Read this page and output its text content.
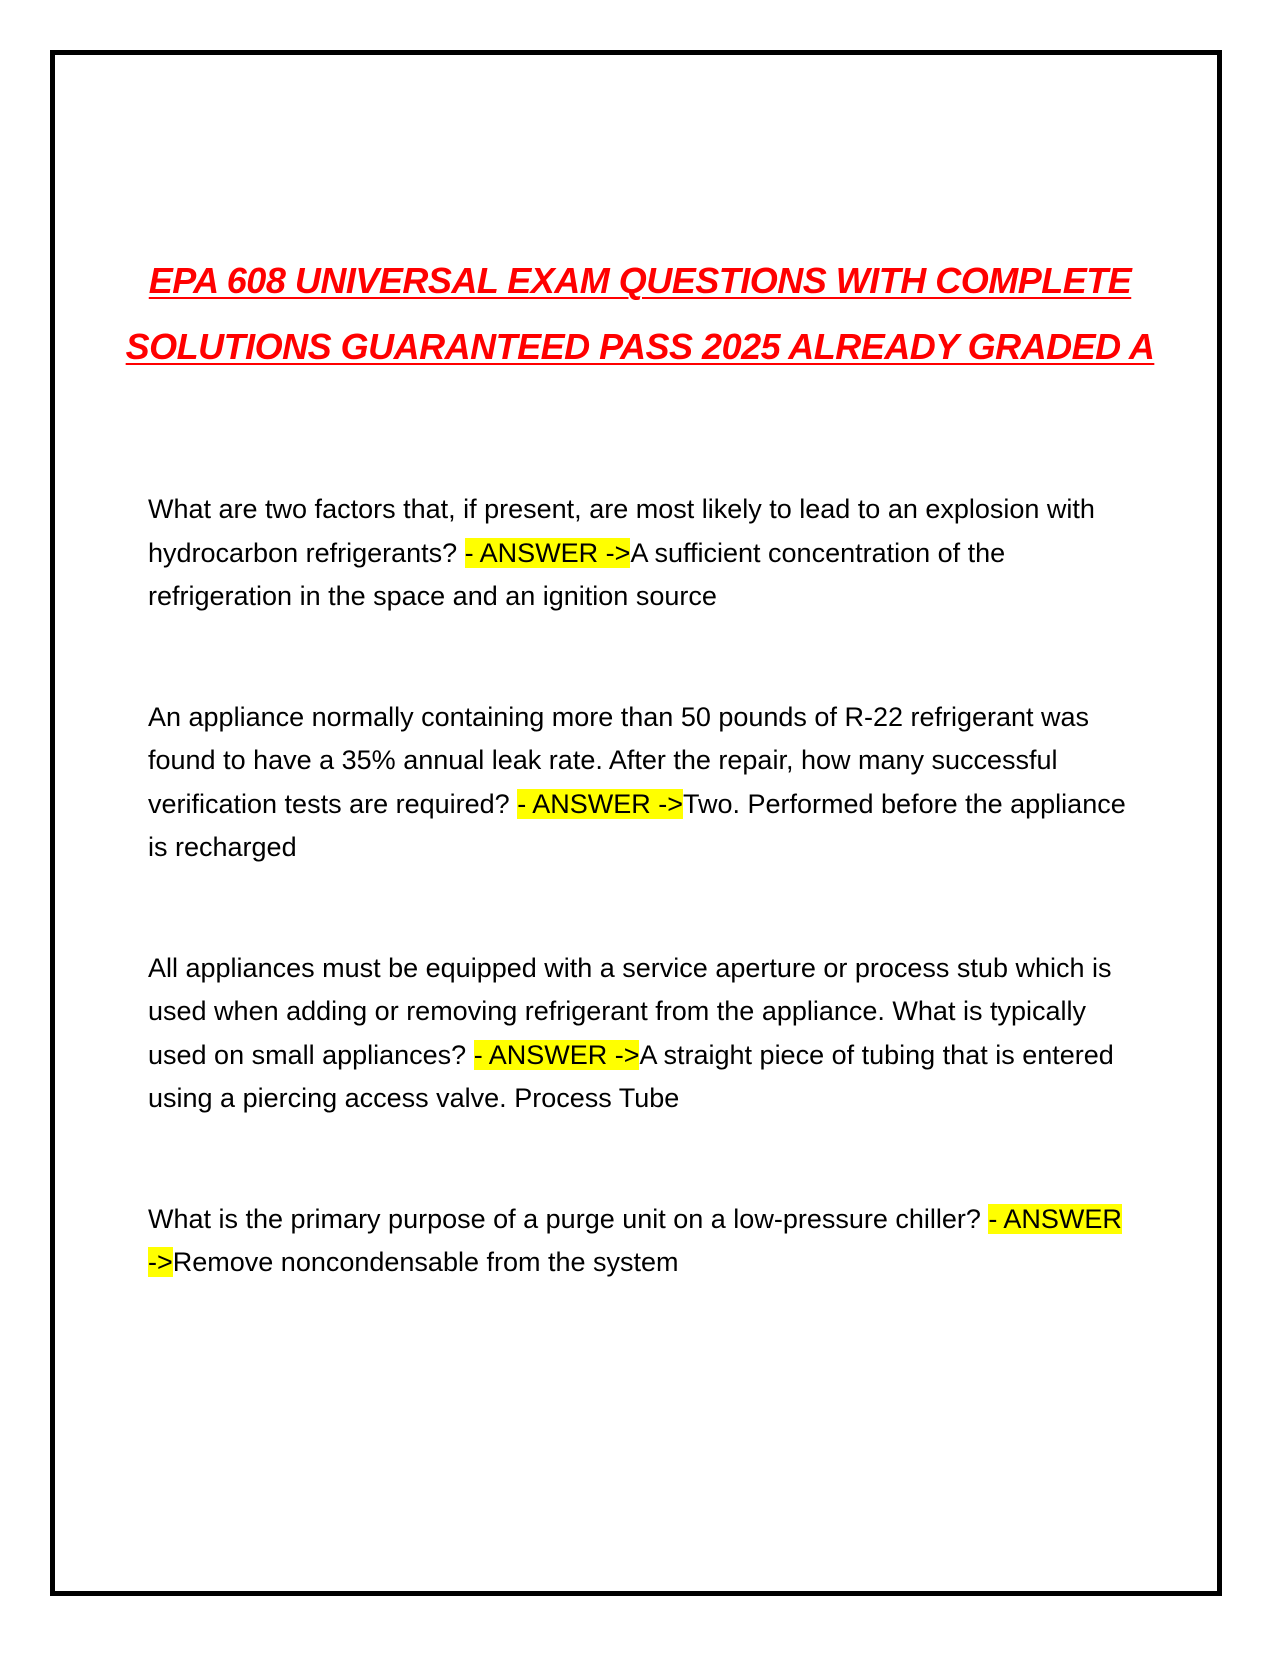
EPA 608 UNIVERSAL EXAM QUESTIONS WITH COMPLETE SOLUTIONS GUARANTEED PASS 2025 ALREADY GRADED A

What are two factors that, if present, are most likely to lead to an explosion with hydrocarbon refrigerants? - ANSWER ->A sufficient concentration of the refrigeration in the space and an ignition source

An appliance normally containing more than 50 pounds of R-22 refrigerant was found to have a 35% annual leak rate. After the repair, how many successful verification tests are required? - ANSWER ->Two. Performed before the appliance is recharged

All appliances must be equipped with a service aperture or process stub which is used when adding or removing refrigerant from the appliance. What is typically used on small appliances? - ANSWER ->A straight piece of tubing that is entered using a piercing access valve. Process Tube

What is the primary purpose of a purge unit on a low-pressure chiller? - ANSWER ->Remove noncondensable from the system
